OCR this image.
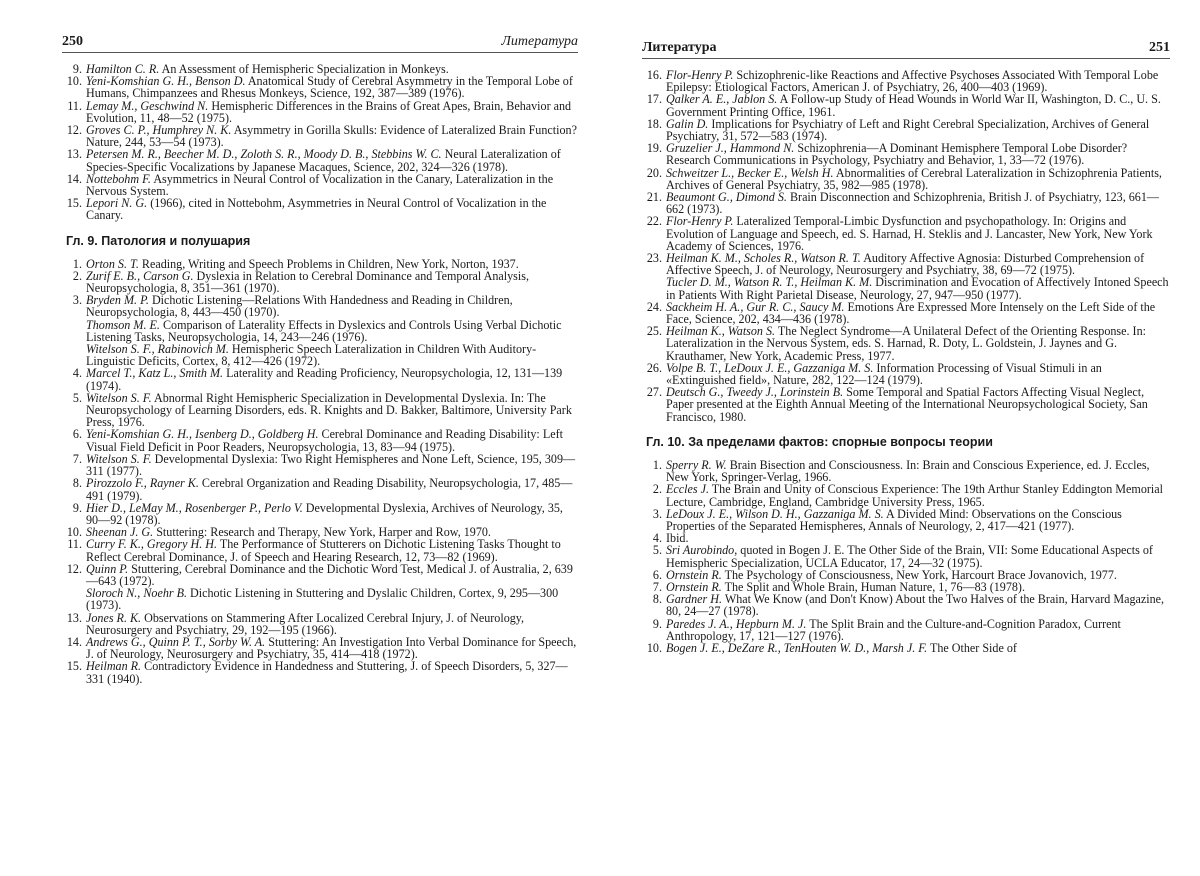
250	Литература
9. Hamilton C. R. An Assessment of Hemispheric Specialization in Monkeys.
10. Yeni-Komshian G. H., Benson D. Anatomical Study of Cerebral Asymmetry in the Temporal Lobe of Humans, Chimpanzees and Rhesus Monkeys, Science, 192, 387—389 (1976).
11. Lemay M., Geschwind N. Hemispheric Differences in the Brains of Great Apes, Brain, Behavior and Evolution, 11, 48—52 (1975).
12. Groves C. P., Humphrey N. K. Asymmetry in Gorilla Skulls: Evidence of Lateralized Brain Function? Nature, 244, 53—54 (1973).
13. Petersen M. R., Beecher M. D., Zoloth S. R., Moody D. B., Stebbins W. C. Neural Lateralization of Species-Specific Vocalizations by Japanese Macaques, Science, 202, 324—326 (1978).
14. Nottebohm F. Asymmetrics in Neural Control of Vocalization in the Canary, Lateralization in the Nervous System.
15. Lepori N. G. (1966), cited in Nottebohm, Asymmetries in Neural Control of Vocalization in the Canary.
Гл. 9. Патология и полушария
1. Orton S. T. Reading, Writing and Speech Problems in Children, New York, Norton, 1937.
2. Zurif E. B., Carson G. Dyslexia in Relation to Cerebral Dominance and Temporal Analysis, Neuropsychologia, 8, 351—361 (1970).
3. Bryden M. P. Dichotic Listening—Relations With Handedness and Reading in Children, Neuropsychologia, 8, 443—450 (1970).
Thomson M. E. Comparison of Laterality Effects in Dyslexics and Controls Using Verbal Dichotic Listening Tasks, Neuropsychologia, 14, 243—246 (1976).
Witelson S. F., Rabinovich M. Hemispheric Speech Lateralization in Children With Auditory-Linguistic Deficits, Cortex, 8, 412—426 (1972).
4. Marcel T., Katz L., Smith M. Laterality and Reading Proficiency, Neuropsychologia, 12, 131—139 (1974).
5. Witelson S. F. Abnormal Right Hemispheric Specialization in Developmental Dyslexia. In: The Neuropsychology of Learning Disorders, eds. R. Knights and D. Bakker, Baltimore, University Park Press, 1976.
6. Yeni-Komshian G. H., Isenberg D., Goldberg H. Cerebral Dominance and Reading Disability: Left Visual Field Deficit in Poor Readers, Neuropsychologia, 13, 83—94 (1975).
7. Witelson S. F. Developmental Dyslexia: Two Right Hemispheres and None Left, Science, 195, 309—311 (1977).
8. Pirozzolo F., Rayner K. Cerebral Organization and Reading Disability, Neuropsychologia, 17, 485—491 (1979).
9. Hier D., LeMay M., Rosenberger P., Perlo V. Developmental Dyslexia, Archives of Neurology, 35, 90—92 (1978).
10. Sheenan J. G. Stuttering: Research and Therapy, New York, Harper and Row, 1970.
11. Curry F. K., Gregory H. H. The Performance of Stutterers on Dichotic Listening Tasks Thought to Reflect Cerebral Dominance, J. of Speech and Hearing Research, 12, 73—82 (1969).
12. Quinn P. Stuttering, Cerebral Dominance and the Dichotic Word Test, Medical J. of Australia, 2, 639—643 (1972).
Sloroch N., Noehr B. Dichotic Listening in Stuttering and Dyslalic Children, Cortex, 9, 295—300 (1973).
13. Jones R. K. Observations on Stammering After Localized Cerebral Injury, J. of Neurology, Neurosurgery and Psychiatry, 29, 192—195 (1966).
14. Andrews G., Quinn P. T., Sorby W. A. Stuttering: An Investigation Into Verbal Dominance for Speech, J. of Neurology, Neurosurgery and Psychiatry, 35, 414—418 (1972).
15. Heilman R. Contradictory Evidence in Handedness and Stuttering, J. of Speech Disorders, 5, 327—331 (1940).
Литература	251
16. Flor-Henry P. Schizophrenic-like Reactions and Affective Psychoses Associated With Temporal Lobe Epilepsy: Etiological Factors, American J. of Psychiatry, 26, 400—403 (1969).
17. Qalker A. E., Jablon S. A Follow-up Study of Head Wounds in World War II, Washington, D. C., U. S. Government Printing Office, 1961.
18. Galin D. Implications for Psychiatry of Left and Right Cerebral Specialization, Archives of General Psychiatry, 31, 572—583 (1974).
19. Gruzelier J., Hammond N. Schizophrenia—A Dominant Hemisphere Temporal Lobe Disorder? Research Communications in Psychology, Psychiatry and Behavior, 1, 33—72 (1976).
20. Schweitzer L., Becker E., Welsh H. Abnormalities of Cerebral Lateralization in Schizophrenia Patients, Archives of General Psychiatry, 35, 982—985 (1978).
21. Beaumont G., Dimond S. Brain Disconnection and Schizophrenia, British J. of Psychiatry, 123, 661—662 (1973).
22. Flor-Henry P. Lateralized Temporal-Limbic Dysfunction and psychopathology. In: Origins and Evolution of Language and Speech, ed. S. Harnad, H. Steklis and J. Lancaster, New York, New York Academy of Sciences, 1976.
23. Heilman K. M., Scholes R., Watson R. T. Auditory Affective Agnosia: Disturbed Comprehension of Affective Speech, J. of Neurology, Neurosurgery and Psychiatry, 38, 69—72 (1975).
Tucler D. M., Watson R. T., Heilman K. M. Discrimination and Evocation of Affectively Intoned Speech in Patients With Right Parietal Disease, Neurology, 27, 947—950 (1977).
24. Sackheim H. A., Gur R. C., Saucy M. Emotions Are Expressed More Intensely on the Left Side of the Face, Science, 202, 434—436 (1978).
25. Heilman K., Watson S. The Neglect Syndrome—A Unilateral Defect of the Orienting Response. In: Lateralization in the Nervous System, eds. S. Harnad, R. Doty, L. Goldstein, J. Jaynes and G. Krauthamer, New York, Academic Press, 1977.
26. Volpe B. T., LeDoux J. E., Gazzaniga M. S. Information Processing of Visual Stimuli in an «Extinguished field», Nature, 282, 122—124 (1979).
27. Deutsch G., Tweedy J., Lorinstein B. Some Temporal and Spatial Factors Affecting Visual Neglect, Paper presented at the Eighth Annual Meeting of the International Neuropsychological Society, San Francisco, 1980.
Гл. 10. За пределами фактов: спорные вопросы теории
1. Sperry R. W. Brain Bisection and Consciousness. In: Brain and Conscious Experience, ed. J. Eccles, New York, Springer-Verlag, 1966.
2. Eccles J. The Brain and Unity of Conscious Experience: The 19th Arthur Stanley Eddington Memorial Lecture, Cambridge, England, Cambridge University Press, 1965.
3. LeDoux J. E., Wilson D. H., Gazzaniga M. S. A Divided Mind: Observations on the Conscious Properties of the Separated Hemispheres, Annals of Neurology, 2, 417—421 (1977).
4. Ibid.
5. Sri Aurobindo, quoted in Bogen J. E. The Other Side of the Brain, VII: Some Educational Aspects of Hemispheric Specialization, UCLA Educator, 17, 24—32 (1975).
6. Ornstein R. The Psychology of Consciousness, New York, Harcourt Brace Jovanovich, 1977.
7. Ornstein R. The Split and Whole Brain, Human Nature, 1, 76—83 (1978).
8. Gardner H. What We Know (and Don't Know) About the Two Halves of the Brain, Harvard Magazine, 80, 24—27 (1978).
9. Paredes J. A., Hepburn M. J. The Split Brain and the Culture-and-Cognition Paradox, Current Anthropology, 17, 121—127 (1976).
10. Bogen J. E., DeZare R., TenHouten W. D., Marsh J. F. The Other Side of
